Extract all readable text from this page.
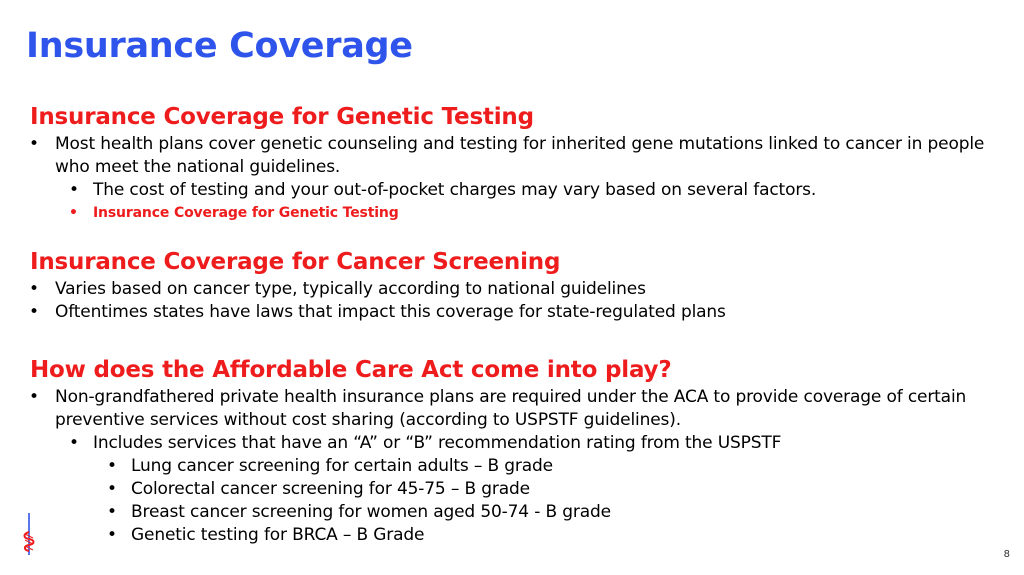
Insurance Coverage
Insurance Coverage for Genetic Testing
• Most health plans cover genetic counseling and testing for inherited gene mutations linked to cancer in people who meet the national guidelines.
• The cost of testing and your out-of-pocket charges may vary based on several factors.
• Insurance Coverage for Genetic Testing
Insurance Coverage for Cancer Screening
• Varies based on cancer type, typically according to national guidelines
• Oftentimes states have laws that impact this coverage for state-regulated plans
How does the Affordable Care Act come into play?
• Non-grandfathered private health insurance plans are required under the ACA to provide coverage of certain preventive services without cost sharing (according to USPSTF guidelines).
• Includes services that have an “A” or “B” recommendation rating from the USPSTF
• Lung cancer screening for certain adults – B grade
• Colorectal cancer screening for 45-75 – B grade
• Breast cancer screening for women aged 50-74 - B grade
• Genetic testing for BRCA – B Grade
8
